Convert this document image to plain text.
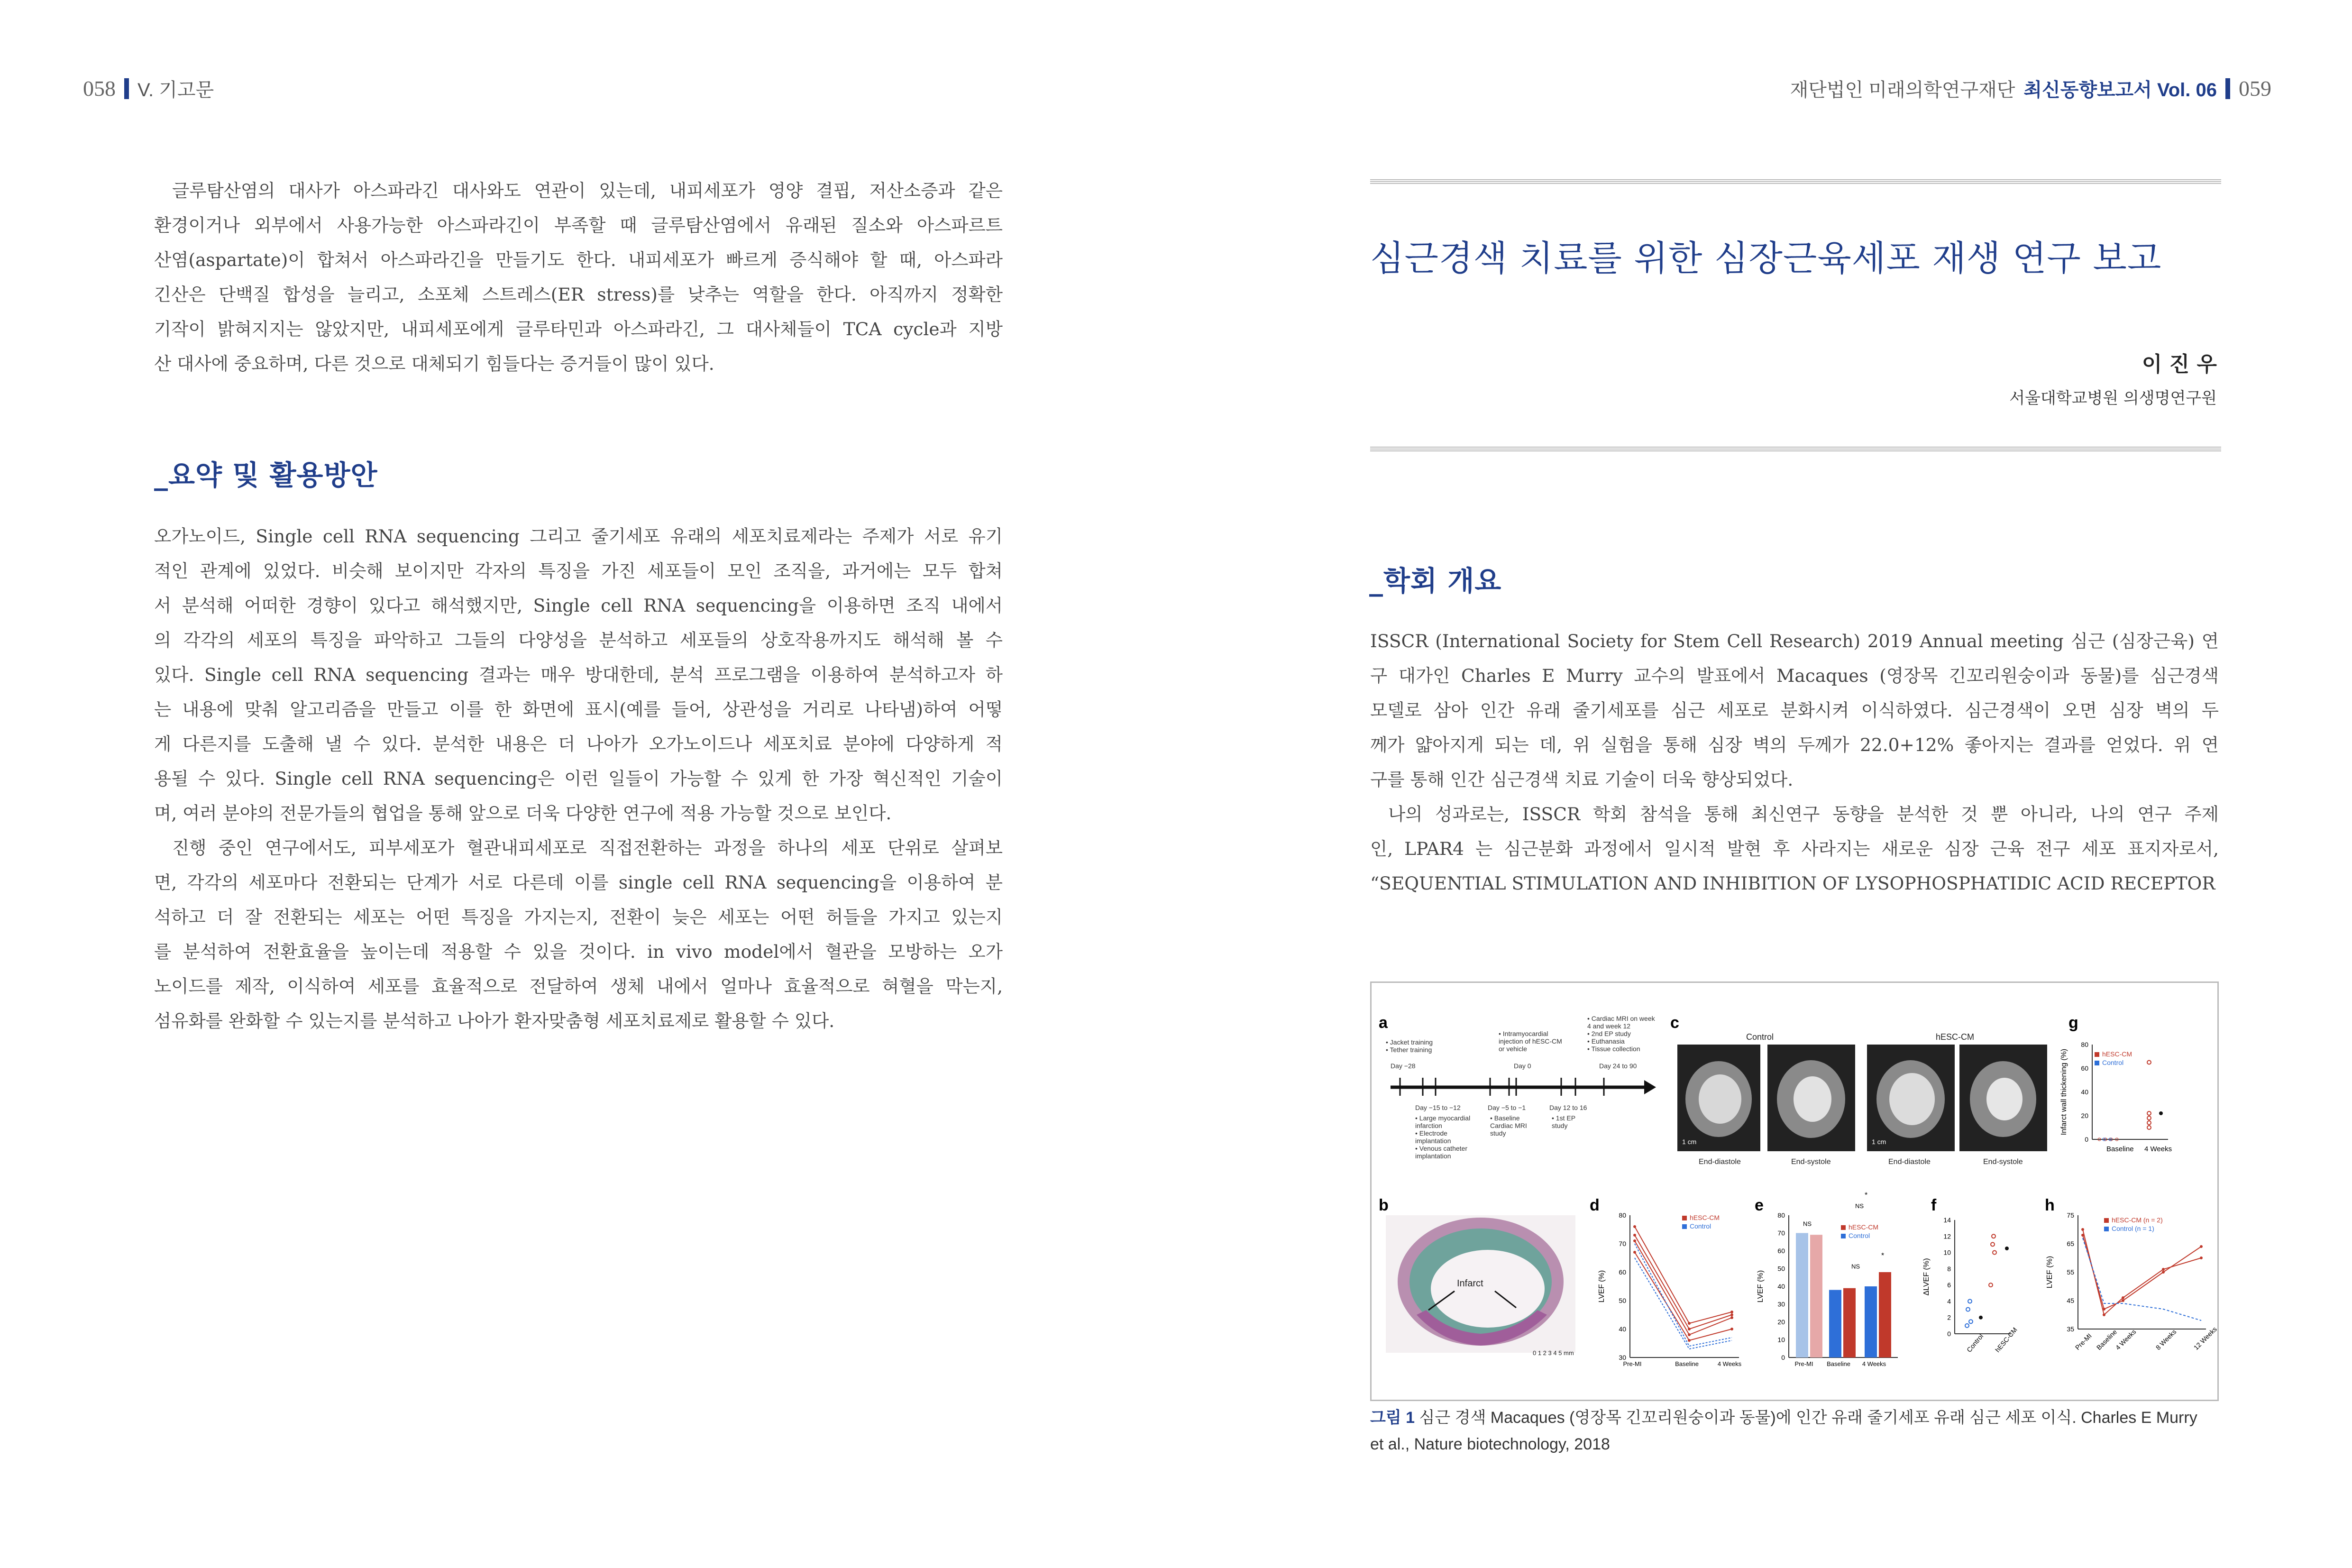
058 V. 기고문	재단법인 미래의학연구재단 최신동향보고서 Vol. 06 059
글루탐산염의 대사가 아스파라긴 대사와도 연관이 있는데, 내피세포가 영양 결핍, 저산소증과 같은
환경이거나 외부에서 사용가능한 아스파라긴이 부족할 때 글루탐산염에서 유래된 질소와 아스파르트
산염(aspartate)이 합쳐서 아스파라긴을 만들기도 한다. 내피세포가 빠르게 증식해야 할 때, 아스파라
긴산은 단백질 합성을 늘리고, 소포체 스트레스(ER stress)를 낮추는 역할을 한다. 아직까지 정확한
기작이 밝혀지지는 않았지만, 내피세포에게 글루타민과 아스파라긴, 그 대사체들이 TCA cycle과 지방
산 대사에 중요하며, 다른 것으로 대체되기 힘들다는 증거들이 많이 있다.
_요약 및 활용방안
오가노이드, Single cell RNA sequencing 그리고 줄기세포 유래의 세포치료제라는 주제가 서로 유기
적인 관계에 있었다. 비슷해 보이지만 각자의 특징을 가진 세포들이 모인 조직을, 과거에는 모두 합쳐
서 분석해 어떠한 경향이 있다고 해석했지만, Single cell RNA sequencing을 이용하면 조직 내에서
의 각각의 세포의 특징을 파악하고 그들의 다양성을 분석하고 세포들의 상호작용까지도 해석해 볼 수
있다. Single cell RNA sequencing 결과는 매우 방대한데, 분석 프로그램을 이용하여 분석하고자 하
는 내용에 맞춰 알고리즘을 만들고 이를 한 화면에 표시(예를 들어, 상관성을 거리로 나타냄)하여 어떻
게 다른지를 도출해 낼 수 있다. 분석한 내용은 더 나아가 오가노이드나 세포치료 분야에 다양하게 적
용될 수 있다. Single cell RNA sequencing은 이런 일들이 가능할 수 있게 한 가장 혁신적인 기술이
며, 여러 분야의 전문가들의 협업을 통해 앞으로 더욱 다양한 연구에 적용 가능할 것으로 보인다.
진행 중인 연구에서도, 피부세포가 혈관내피세포로 직접전환하는 과정을 하나의 세포 단위로 살펴보
면, 각각의 세포마다 전환되는 단계가 서로 다른데 이를 single cell RNA sequencing을 이용하여 분
석하고 더 잘 전환되는 세포는 어떤 특징을 가지는지, 전환이 늦은 세포는 어떤 허들을 가지고 있는지
를 분석하여 전환효율을 높이는데 적용할 수 있을 것이다. in vivo model에서 혈관을 모방하는 오가
노이드를 제작, 이식하여 세포를 효율적으로 전달하여 생체 내에서 얼마나 효율적으로 혀혈을 막는지,
섬유화를 완화할 수 있는지를 분석하고 나아가 환자맞춤형 세포치료제로 활용할 수 있다.
심근경색 치료를 위한 심장근육세포 재생 연구 보고
이 진 우
서울대학교병원 의생명연구원
_학회 개요
ISSCR (International Society for Stem Cell Research) 2019 Annual meeting 심근 (심장근육) 연
구 대가인 Charles E Murry 교수의 발표에서 Macaques (영장목 긴꼬리원숭이과 동물)를 심근경색
모델로 삼아 인간 유래 줄기세포를 심근 세포로 분화시켜 이식하였다. 심근경색이 오면 심장 벽의 두
께가 얇아지게 되는 데, 위 실험을 통해 심장 벽의 두께가 22.0+12% 좋아지는 결과를 얻었다. 위 연
구를 통해 인간 심근경색 치료 기술이 더욱 향상되었다.
나의 성과로는, ISSCR 학회 참석을 통해 최신연구 동향을 분석한 것 뿐 아니라, 나의 연구 주제
인, LPAR4 는 심근분화 과정에서 일시적 발현 후 사라지는 새로운 심장 근육 전구 세포 표지자로서,
“SEQUENTIAL STIMULATION AND INHIBITION OF LYSOPHOSPHATIDIC ACID RECEPTOR
a
b
c
d	e	f
g
h
• Jacket training
• Tether training
• Intramyocardial
injection of hESC-CM
or vehicle
• Cardiac MRI on week
4 and week 12
• 2nd EP study
• Euthanasia
• Tissue collection
Day −28	Day 0	Day 24 to 90
Day −15 to −12	Day −5 to −1	Day 12 to 16
• Large myocardial
infarction
• Electrode
implantation
• Venous catheter
implantation
• Baseline
Cardiac MRI
study
• 1st EP
study
Infarct
0 1 2 3 4 5 mm
Control	hESC-CM
1 cm	1 cm
End-diastole	End-systole	End-diastole	End-systole
80
70
60
50
40
30
LVEF (%)
hESC-CM
Control
Pre-MI	Baseline	4 Weeks
80
70
60
50
40
30
20
10
0
LVEF (%)
hESC-CM
Control
NS
NS
NS
*
*
Pre-MI Baseline 4 Weeks
14
12
10
8
6
4
2
0
ΔLVEF (%)
Control hESC-CM
80
60
40
20
0
Infarct wall thickening (%)	hESC-CM
Control
Baseline 4 Weeks
75
65
55
45
35
LVEF (%)
hESC-CM (n = 2)
Control (n = 1)
Pre-MI Baseline
4 Weeks	8 Weeks 12 Weeks
그림 1 심근 경색 Macaques (영장목 긴꼬리원숭이과 동물)에 인간 유래 줄기세포 유래 심근 세포 이식. Charles E Murry
et al., Nature biotechnology, 2018
